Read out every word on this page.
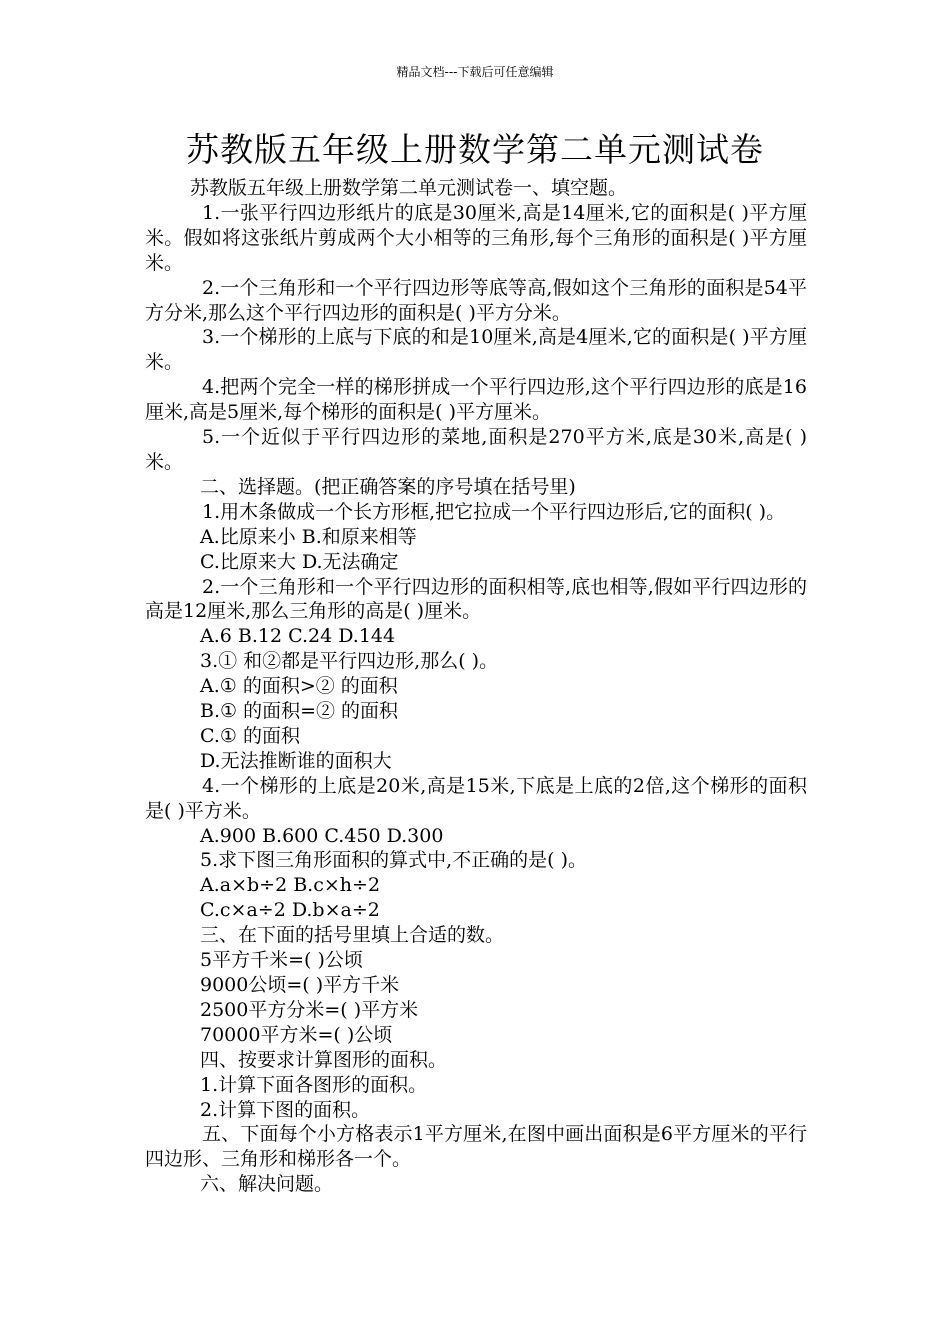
精品文档---下载后可任意编辑
苏教版五年级上册数学第二单元测试卷

苏教版五年级上册数学第二单元测试卷一、填空题。

1.一张平行四边形纸片的底是30厘米,高是14厘米,它的面积是( )平方厘米。假如将这张纸片剪成两个大小相等的三角形,每个三角形的面积是( )平方厘米。

2.一个三角形和一个平行四边形等底等高,假如这个三角形的面积是54平方分米,那么这个平行四边形的面积是( )平方分米。

3.一个梯形的上底与下底的和是10厘米,高是4厘米,它的面积是( )平方厘米。

4.把两个完全一样的梯形拼成一个平行四边形,这个平行四边形的底是16厘米,高是5厘米,每个梯形的面积是( )平方厘米。

5.一个近似于平行四边形的菜地,面积是270平方米,底是30米,高是( )米。

二、选择题。(把正确答案的序号填在括号里)

1.用木条做成一个长方形框,把它拉成一个平行四边形后,它的面积( )。

A.比原来小 B.和原来相等

C.比原来大 D.无法确定

2.一个三角形和一个平行四边形的面积相等,底也相等,假如平行四边形的高是12厘米,那么三角形的高是( )厘米。

A.6 B.12 C.24 D.144

3.① 和②都是平行四边形,那么( )。

A.① 的面积>② 的面积

B.① 的面积=② 的面积

C.① 的面积

D.无法推断谁的面积大

4.一个梯形的上底是20米,高是15米,下底是上底的2倍,这个梯形的面积是( )平方米。

A.900 B.600 C.450 D.300

5.求下图三角形面积的算式中,不正确的是( )。

A.a×b÷2 B.c×h÷2

C.c×a÷2 D.b×a÷2

三、在下面的括号里填上合适的数。

5平方千米=( )公顷

9000公顷=( )平方千米

2500平方分米=( )平方米

70000平方米=( )公顷

四、按要求计算图形的面积。

1.计算下面各图形的面积。

2.计算下图的面积。

五、下面每个小方格表示1平方厘米,在图中画出面积是6平方厘米的平行四边形、三角形和梯形各一个。

六、解决问题。
